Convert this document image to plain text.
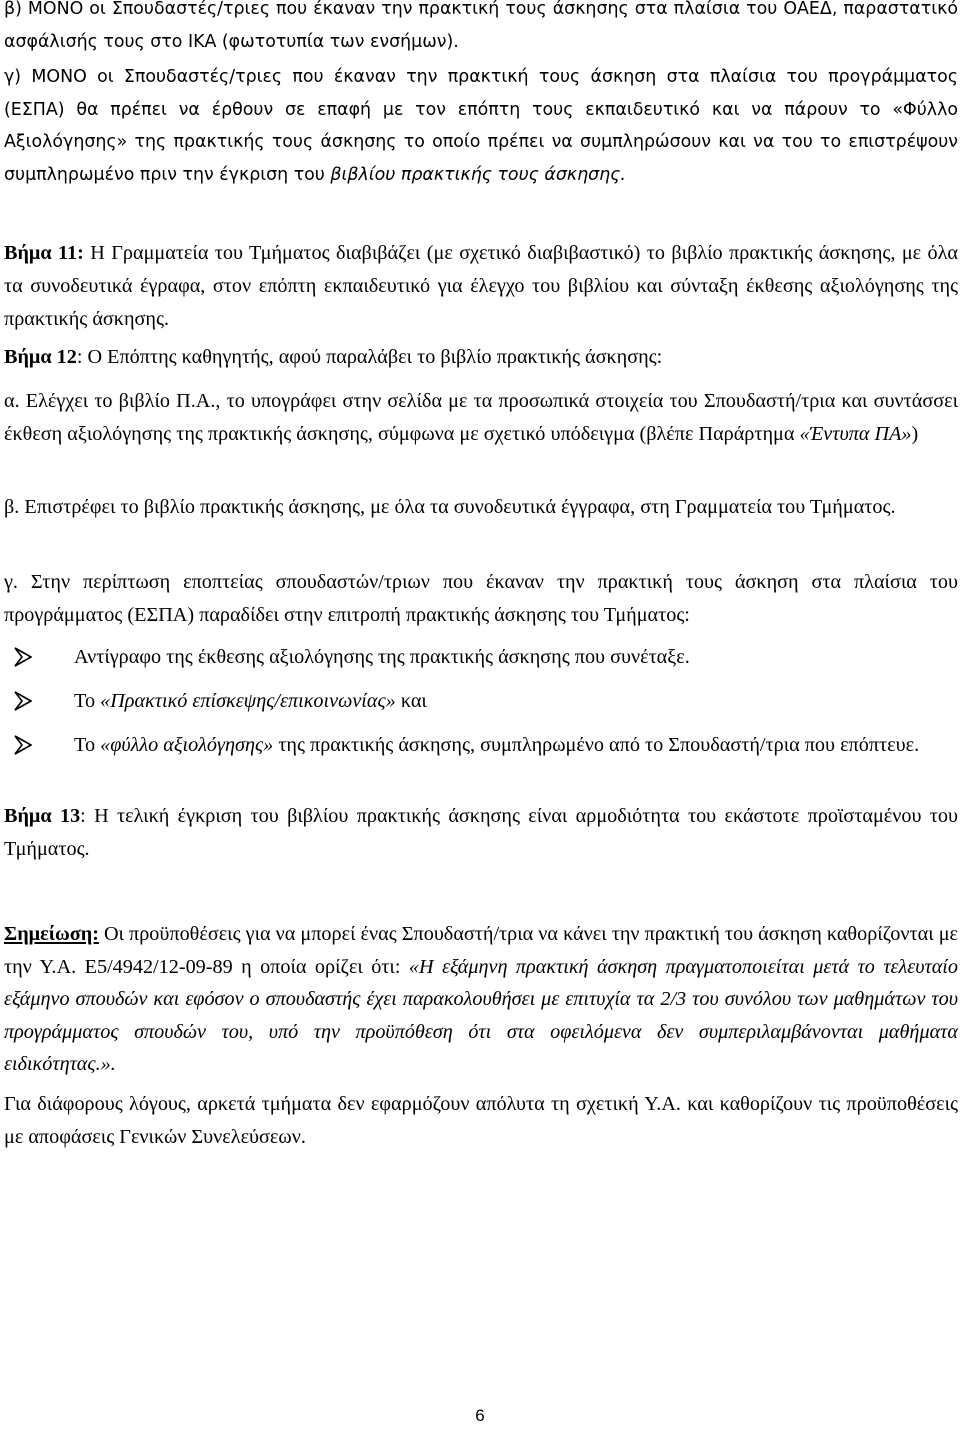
β) ΜΟΝΟ οι Σπουδαστές/τριες που έκαναν την πρακτική τους άσκησης στα πλαίσια του ΟΑΕΔ, παραστατικό ασφάλισής τους στο ΙΚΑ (φωτοτυπία των ενσήμων).

γ) ΜΟΝΟ οι Σπουδαστές/τριες που έκαναν την πρακτική τους άσκηση στα πλαίσια του προγράμματος (ΕΣΠΑ) θα πρέπει να έρθουν σε επαφή με τον επόπτη τους εκπαιδευτικό και να πάρουν το «Φύλλο Αξιολόγησης» της πρακτικής τους άσκησης το οποίο πρέπει να συμπληρώσουν και να του το επιστρέψουν συμπληρωμένο πριν την έγκριση του βιβλίου πρακτικής τους άσκησης.

Βήμα 11: Η Γραμματεία του Τμήματος διαβιβάζει (με σχετικό διαβιβαστικό) το βιβλίο πρακτικής άσκησης, με όλα τα συνοδευτικά έγραφα, στον επόπτη εκπαιδευτικό για έλεγχο του βιβλίου και σύνταξη έκθεσης αξιολόγησης της πρακτικής άσκησης.

Βήμα 12: Ο Επόπτης καθηγητής, αφού παραλάβει το βιβλίο πρακτικής άσκησης:

α. Ελέγχει το βιβλίο Π.Α., το υπογράφει στην σελίδα με τα προσωπικά στοιχεία του Σπουδαστή/τρια και συντάσσει έκθεση αξιολόγησης της πρακτικής άσκησης, σύμφωνα με σχετικό υπόδειγμα (βλέπε Παράρτημα «Έντυπα ΠΑ»)

β. Επιστρέφει το βιβλίο πρακτικής άσκησης, με όλα τα συνοδευτικά έγγραφα, στη Γραμματεία του Τμήματος.

γ. Στην περίπτωση εποπτείας σπουδαστών/τριων που έκαναν την πρακτική τους άσκηση στα πλαίσια του προγράμματος (ΕΣΠΑ) παραδίδει στην επιτροπή πρακτικής άσκησης του Τμήματος:

Αντίγραφο της έκθεσης αξιολόγησης της πρακτικής άσκησης που συνέταξε.
Το «Πρακτικό επίσκεψης/επικοινωνίας» και
Το «φύλλο αξιολόγησης» της πρακτικής άσκησης, συμπληρωμένο από το Σπουδαστή/τρια που επόπτευε.

Βήμα 13: Η τελική έγκριση του βιβλίου πρακτικής άσκησης είναι αρμοδιότητα του εκάστοτε προϊσταμένου του Τμήματος.

Σημείωση: Οι προϋποθέσεις για να μπορεί ένας Σπουδαστή/τρια να κάνει την πρακτική του άσκηση καθορίζονται με την Υ.Α. Ε5/4942/12-09-89 η οποία ορίζει ότι: «Η εξάμηνη πρακτική άσκηση πραγματοποιείται μετά το τελευταίο εξάμηνο σπουδών και εφόσον ο σπουδαστής έχει παρακολουθήσει με επιτυχία τα 2/3 του συνόλου των μαθημάτων του προγράμματος σπουδών του, υπό την προϋπόθεση ότι στα οφειλόμενα δεν συμπεριλαμβάνονται μαθήματα ειδικότητας.».

Για διάφορους λόγους, αρκετά τμήματα δεν εφαρμόζουν απόλυτα τη σχετική Υ.Α. και καθορίζουν τις προϋποθέσεις με αποφάσεις Γενικών Συνελεύσεων.

6
